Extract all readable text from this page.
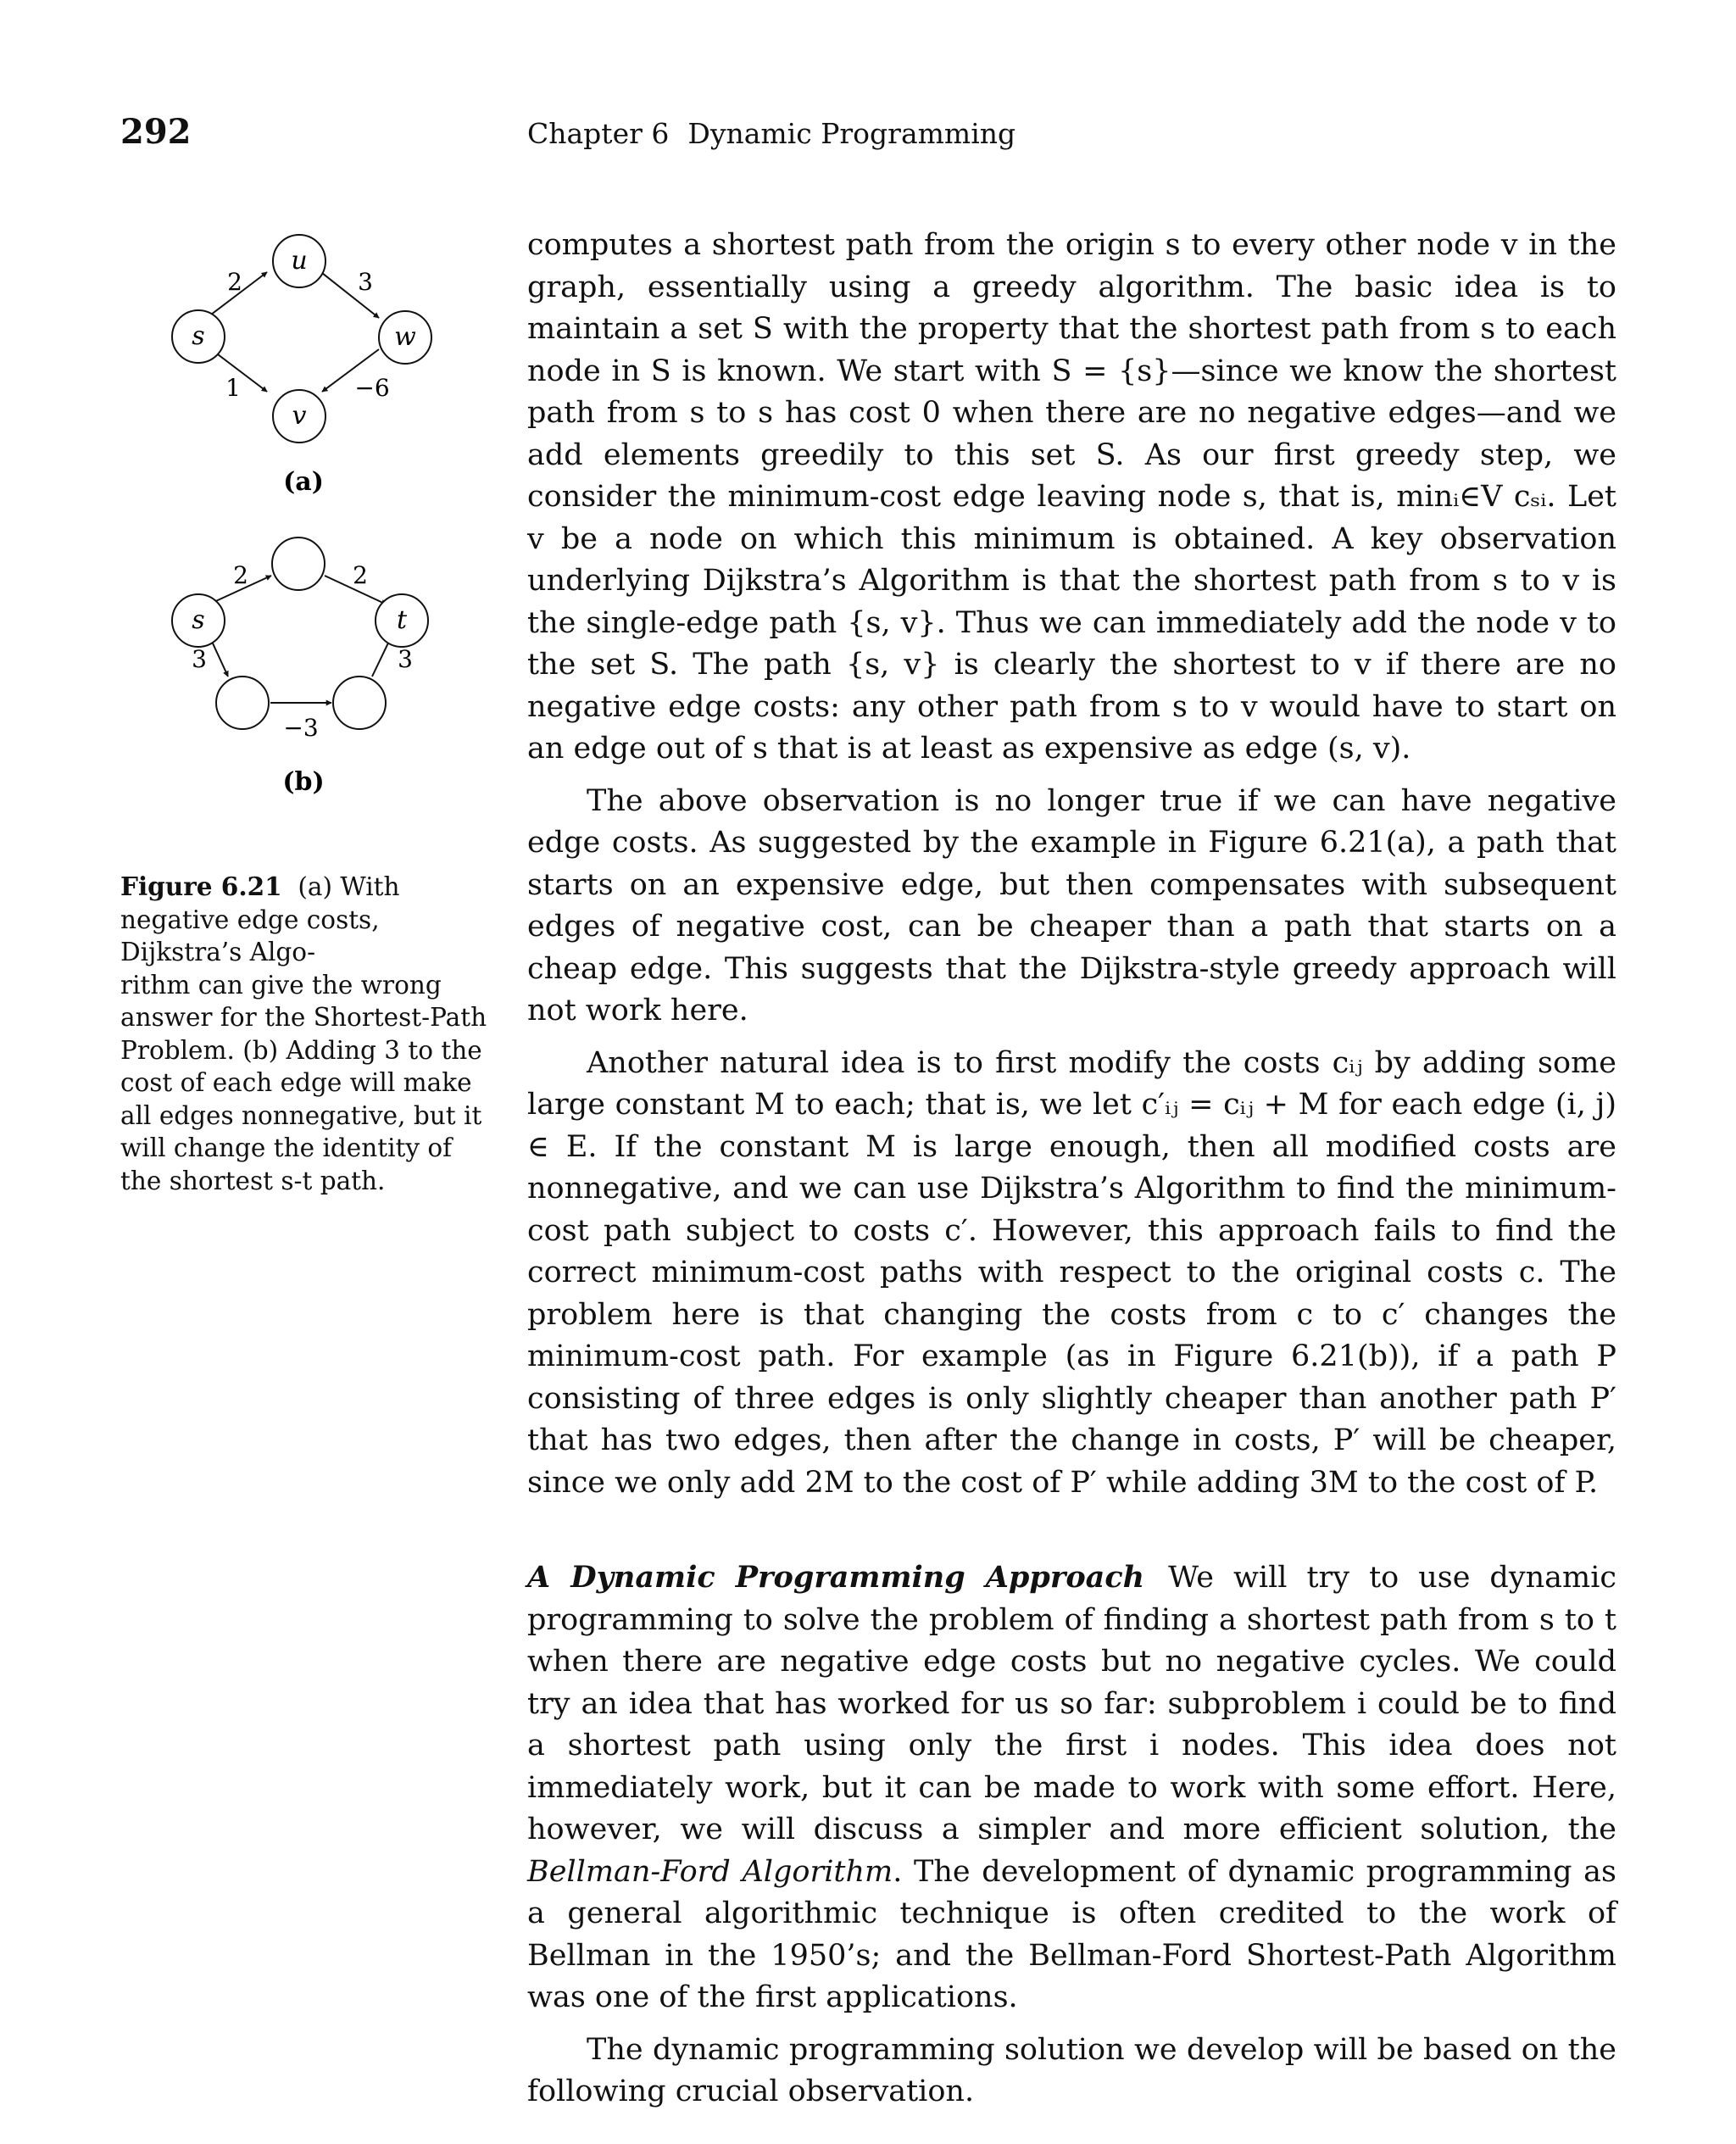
292	Chapter 6 Dynamic Programming
s
u
w
v
2	3
1	−6
(a)
s	t
2	2
3	3
−3
(b)
Figure 6.21 (a) With negative edge costs, Dijkstra’s Algo-
rithm can give the wrong answer for the Shortest-Path Problem. (b) Adding 3 to the cost of each edge will make all edges nonnegative, but it will change the identity of the shortest s-t path.

computes a shortest path from the origin s to every other node v in the graph, essentially using a greedy algorithm. The basic idea is to maintain a set S with the property that the shortest path from s to each node in S is known. We start with S = {s}—since we know the shortest path from s to s has cost 0 when there are no negative edges—and we add elements greedily to this set S. As our first greedy step, we consider the minimum-cost edge leaving node s, that is, minᵢ∈V cₛᵢ. Let v be a node on which this minimum is obtained. A key observation underlying Dijkstra’s Algorithm is that the shortest path from s to v is the single-edge path {s, v}. Thus we can immediately add the node v to the set S. The path {s, v} is clearly the shortest to v if there are no negative edge costs: any other path from s to v would have to start on an edge out of s that is at least as expensive as edge (s, v).

The above observation is no longer true if we can have negative edge costs. As suggested by the example in Figure 6.21(a), a path that starts on an expensive edge, but then compensates with subsequent edges of negative cost, can be cheaper than a path that starts on a cheap edge. This suggests that the Dijkstra-style greedy approach will not work here.

Another natural idea is to first modify the costs cᵢⱼ by adding some large constant M to each; that is, we let c′ᵢⱼ = cᵢⱼ + M for each edge (i, j) ∈ E. If the constant M is large enough, then all modified costs are nonnegative, and we can use Dijkstra’s Algorithm to find the minimum-cost path subject to costs c′. However, this approach fails to find the correct minimum-cost paths with respect to the original costs c. The problem here is that changing the costs from c to c′ changes the minimum-cost path. For example (as in Figure 6.21(b)), if a path P consisting of three edges is only slightly cheaper than another path P′ that has two edges, then after the change in costs, P′ will be cheaper, since we only add 2M to the cost of P′ while adding 3M to the cost of P.

A Dynamic Programming Approach We will try to use dynamic programming to solve the problem of finding a shortest path from s to t when there are negative edge costs but no negative cycles. We could try an idea that has worked for us so far: subproblem i could be to find a shortest path using only the first i nodes. This idea does not immediately work, but it can be made to work with some effort. Here, however, we will discuss a simpler and more efficient solution, the Bellman-Ford Algorithm. The development of dynamic programming as a general algorithmic technique is often credited to the work of Bellman in the 1950’s; and the Bellman-Ford Shortest-Path Algorithm was one of the first applications.

The dynamic programming solution we develop will be based on the following crucial observation.
